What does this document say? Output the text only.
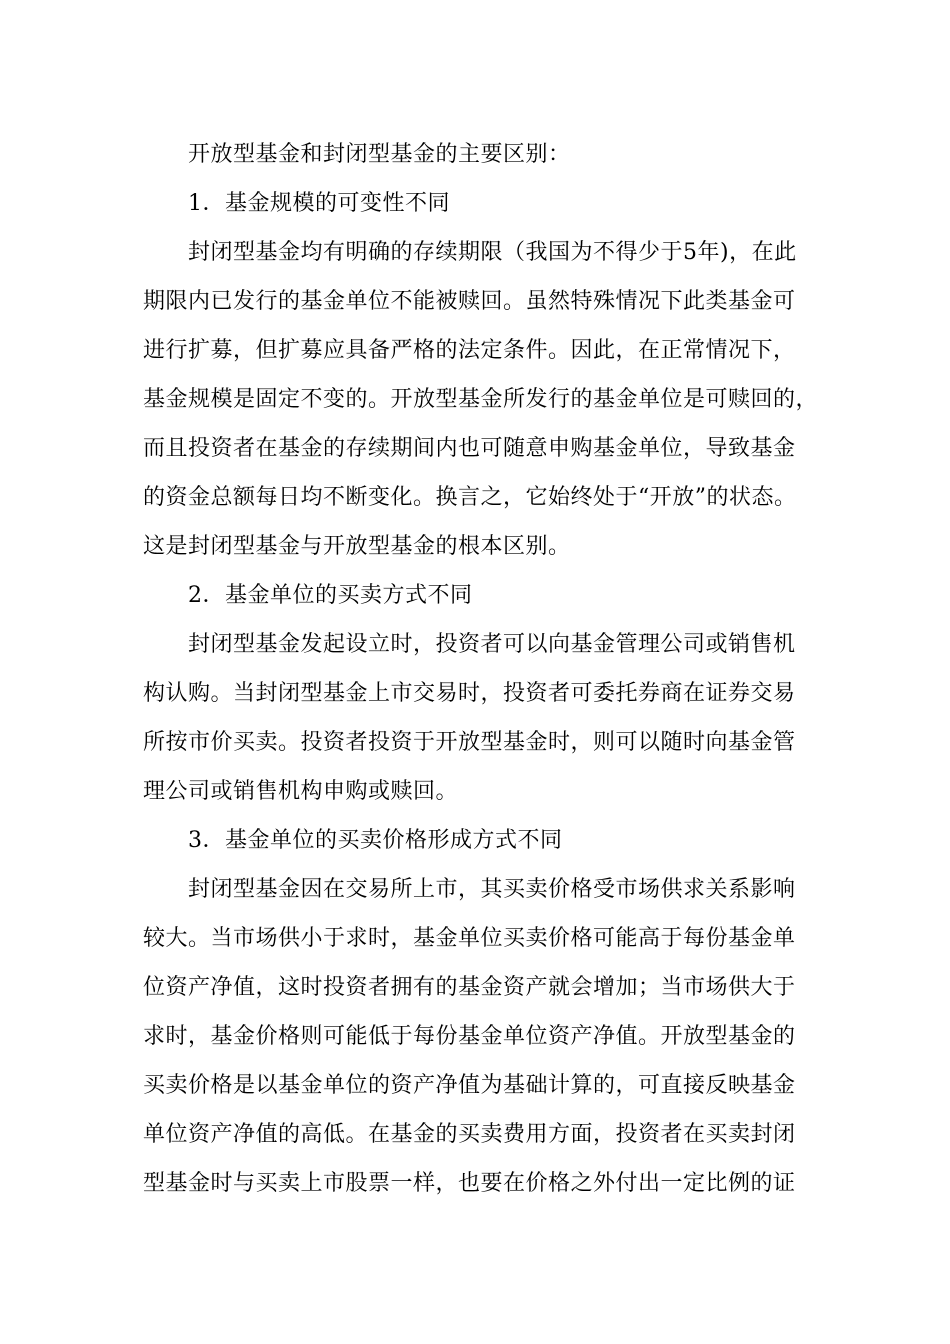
开放型基金和封闭型基金的主要区别：
1．基金规模的可变性不同
封闭型基金均有明确的存续期限（我国为不得少于5年)，在此
期限内已发行的基金单位不能被赎回。虽然特殊情况下此类基金可
进行扩募，但扩募应具备严格的法定条件。因此，在正常情况下，
基金规模是固定不变的。开放型基金所发行的基金单位是可赎回的，
而且投资者在基金的存续期间内也可随意申购基金单位，导致基金
的资金总额每日均不断变化。换言之，它始终处于“开放”的状态。
这是封闭型基金与开放型基金的根本区别。
2．基金单位的买卖方式不同
封闭型基金发起设立时，投资者可以向基金管理公司或销售机
构认购。当封闭型基金上市交易时，投资者可委托券商在证券交易
所按市价买卖。投资者投资于开放型基金时，则可以随时向基金管
理公司或销售机构申购或赎回。
3．基金单位的买卖价格形成方式不同
封闭型基金因在交易所上市，其买卖价格受市场供求关系影响
较大。当市场供小于求时，基金单位买卖价格可能高于每份基金单
位资产净值，这时投资者拥有的基金资产就会增加；当市场供大于
求时，基金价格则可能低于每份基金单位资产净值。开放型基金的
买卖价格是以基金单位的资产净值为基础计算的，可直接反映基金
单位资产净值的高低。在基金的买卖费用方面，投资者在买卖封闭
型基金时与买卖上市股票一样，也要在价格之外付出一定比例的证
